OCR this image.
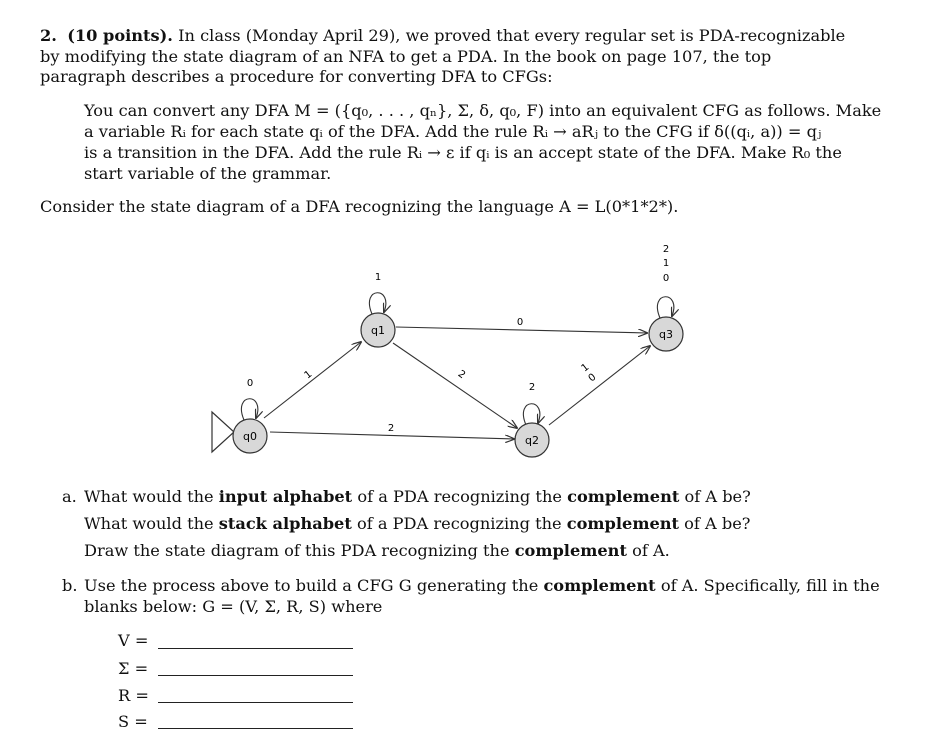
2. (10 points). In class (Monday April 29), we proved that every regular set is PDA-recognizable by modifying the state diagram of an NFA to get a PDA. In the book on page 107, the top paragraph describes a procedure for converting DFA to CFGs:
You can convert any DFA M = ({q₀, . . . , qₙ}, Σ, δ, q₀, F) into an equivalent CFG as follows. Make
a variable Rᵢ for each state qᵢ of the DFA. Add the rule Rᵢ → aRⱼ to the CFG if δ((qᵢ, a)) = qⱼ
is a transition in the DFA. Add the rule Rᵢ → ε if qᵢ is an accept state of the DFA. Make R₀ the
start variable of the grammar.
Consider the state diagram of a DFA recognizing the language A = L(0*1*2*).
q0
q1
q2
q3
0
1
2
2
1
0
1
2
0
2
1
0
a. What would the input alphabet of a PDA recognizing the complement of A be?
What would the stack alphabet of a PDA recognizing the complement of A be?
Draw the state diagram of this PDA recognizing the complement of A.
b. Use the process above to build a CFG G generating the complement of A. Specifically, fill in the
blanks below: G = (V, Σ, R, S) where
V =
Σ =
R =
S =
